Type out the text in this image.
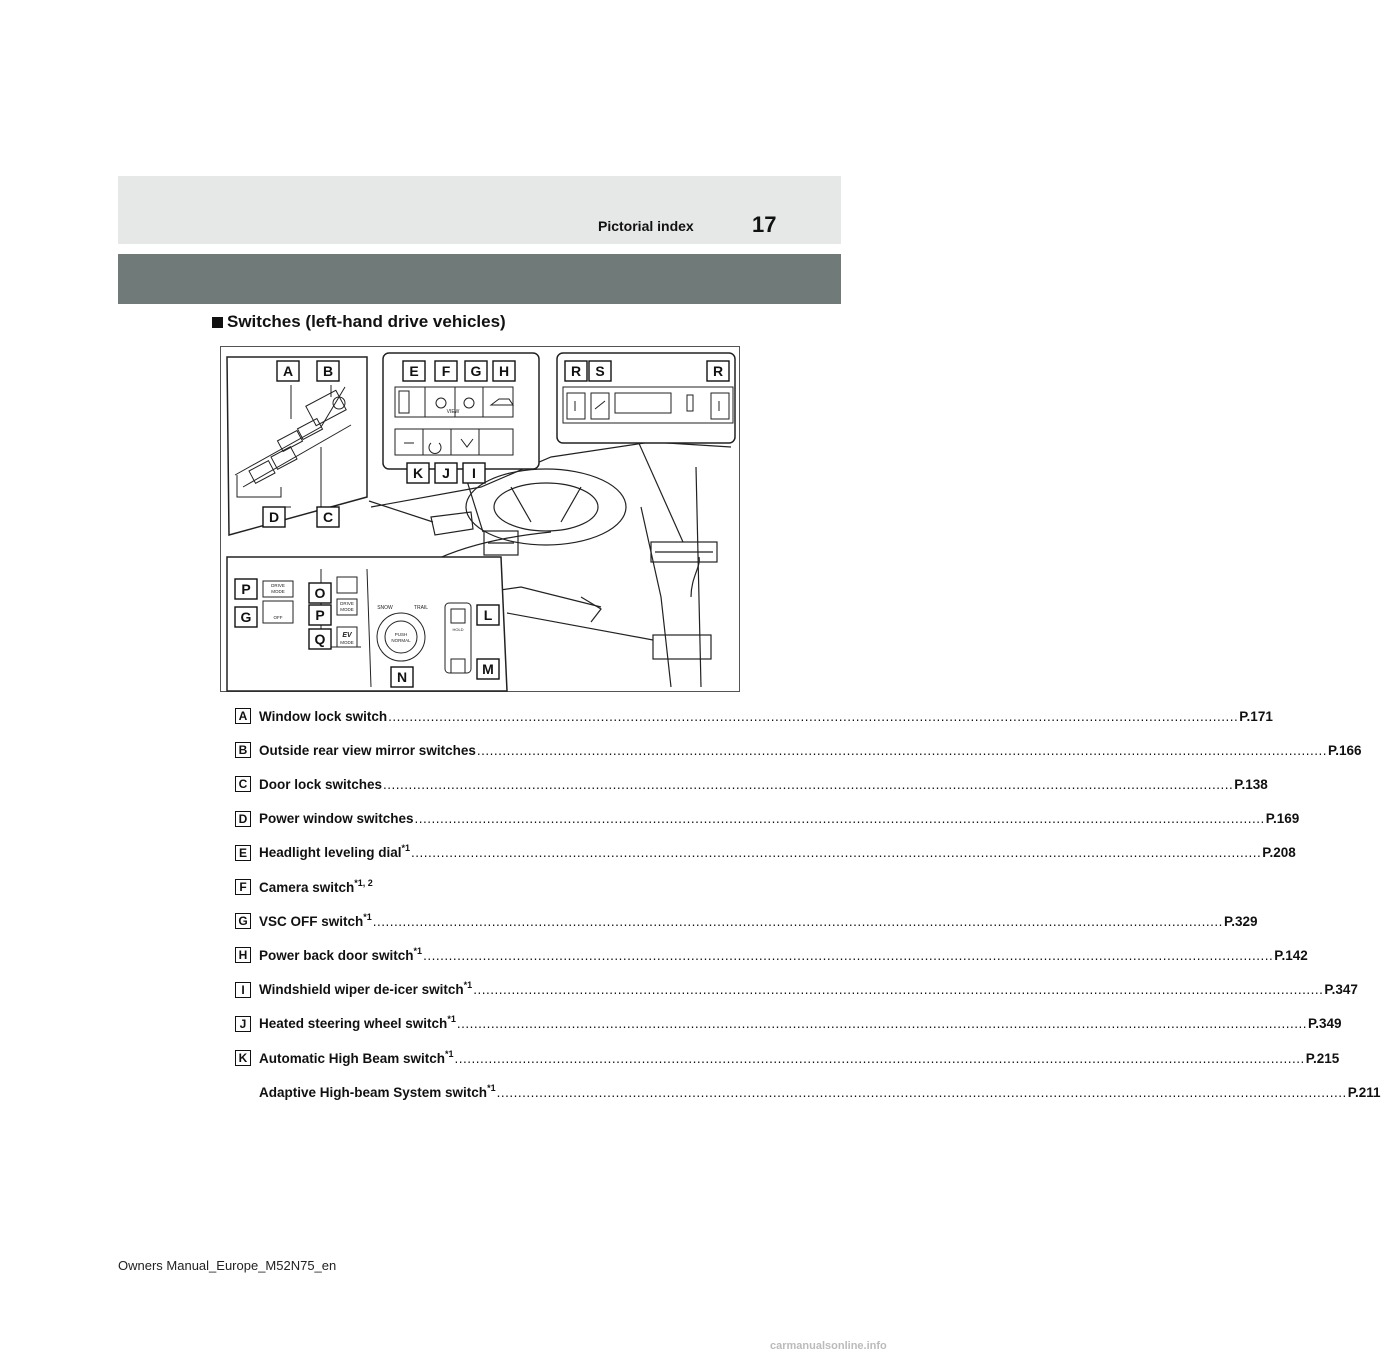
Pictorial index	17
Switches (left-hand drive vehicles)
VIEW
DRIVE
MODE
OFF
DRIVE
MODE
MODE
EV
SNOW	TRAIL
PUSH
NORMAL
HOLD
A B
D	C
E F G H
K J I
R S	R
P
G
O
P
Q
L
M
N
A Window lock switch ........................................................................................................................................................................................................ P.171
B Outside rear view mirror switches ........................................................................................................................................................................................................ P.166
C Door lock switches ........................................................................................................................................................................................................ P.138
D Power window switches ........................................................................................................................................................................................................ P.169
E Headlight leveling dial$^{*1}$ ........................................................................................................................................................................................................ P.208
F Camera switch$^{*1, 2}$
G VSC OFF switch$^{*1}$ ........................................................................................................................................................................................................ P.329
H Power back door switch$^{*1}$ ........................................................................................................................................................................................................ P.142
I	Windshield wiper de-icer switch$^{*1}$ ........................................................................................................................................................................................................ P.347
J Heated steering wheel switch$^{*1}$ ........................................................................................................................................................................................................ P.349
K Automatic High Beam switch$^{*1}$ ........................................................................................................................................................................................................ P.215
Adaptive High-beam System switch$^{*1}$ ........................................................................................................................................................................................................ P.211
Owners Manual_Europe_M52N75_en
carmanualsonline.info
